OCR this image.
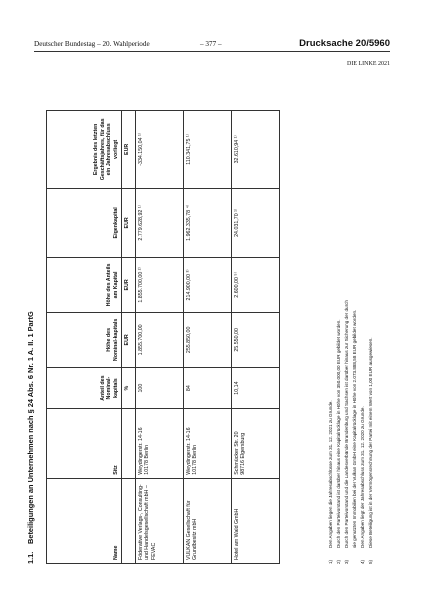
Deutscher Bundestag – 20. Wahlperiode	– 377 –	Drucksache 20/5960
DIE LINKE 2021
1.1.Beteiligungen an Unternehmen nach § 24 Abs. 6 Nr. 1 A. II. 1 PartG
Name	Sitz	Anteil des Nominal-kapitals	Höhe des Nominal-kapitals	Höhe des Anteils am Kapital	Eigenkapital	Ergebnis des letzten Geschäftsjahres, für das ein Jahresabschluss vorliegt
		%	EUR	EUR	EUR	EUR
Föderative Verlags-, Consulting- und Handelsgesellschaft mbH – FEVAC	Weydingerstr. 14-16
10178 Berlin	100	1.855.700,00	1.855.700,00 ²⁾	2.779.628,92 ¹⁾	-334.150,04 ¹⁾
VULKAN Gesellschaft für Grundbesitz mbH	Weydingerstr. 14-16
10178 Berlin	84	255.850,00	214.900,00 ³⁾	1.962.335,78 ⁴⁾	110.341,75 ¹⁾
Hotel am Wald GmbH	Schmücker Str. 20
98716 Elgersburg	10,14	25.550,00	2.600,00 ⁵⁾	24.031,70 ¹⁾	32.610,94 ¹⁾
1)Den Angaben liegen die Jahresabschlüsse zum 31. 12. 2021 zu Grunde.
2)Durch den Parteivorstand ist darüber hinaus eine Kapitalrücklage in Höhe von 350.000,00 EUR gebildet worden.
3)Durch den Parteivorstand und die Landesverbände Brandenburg und Sachsen ist darüber hinaus zur Sicherung der durch sie genutzten Immobilien bei der Vulkan GmbH eine Kapitalrücklage in Höhe von 2.073.888,58 EUR gebildet worden.
4)Den Angaben liegt der Jahresabschluss zum 31. 12. 2020 zu Grunde.
5)Diese Beteiligung ist in der Vermögensrechnung der Partei mit einem Wert von 1,00 EUR ausgewiesen.
